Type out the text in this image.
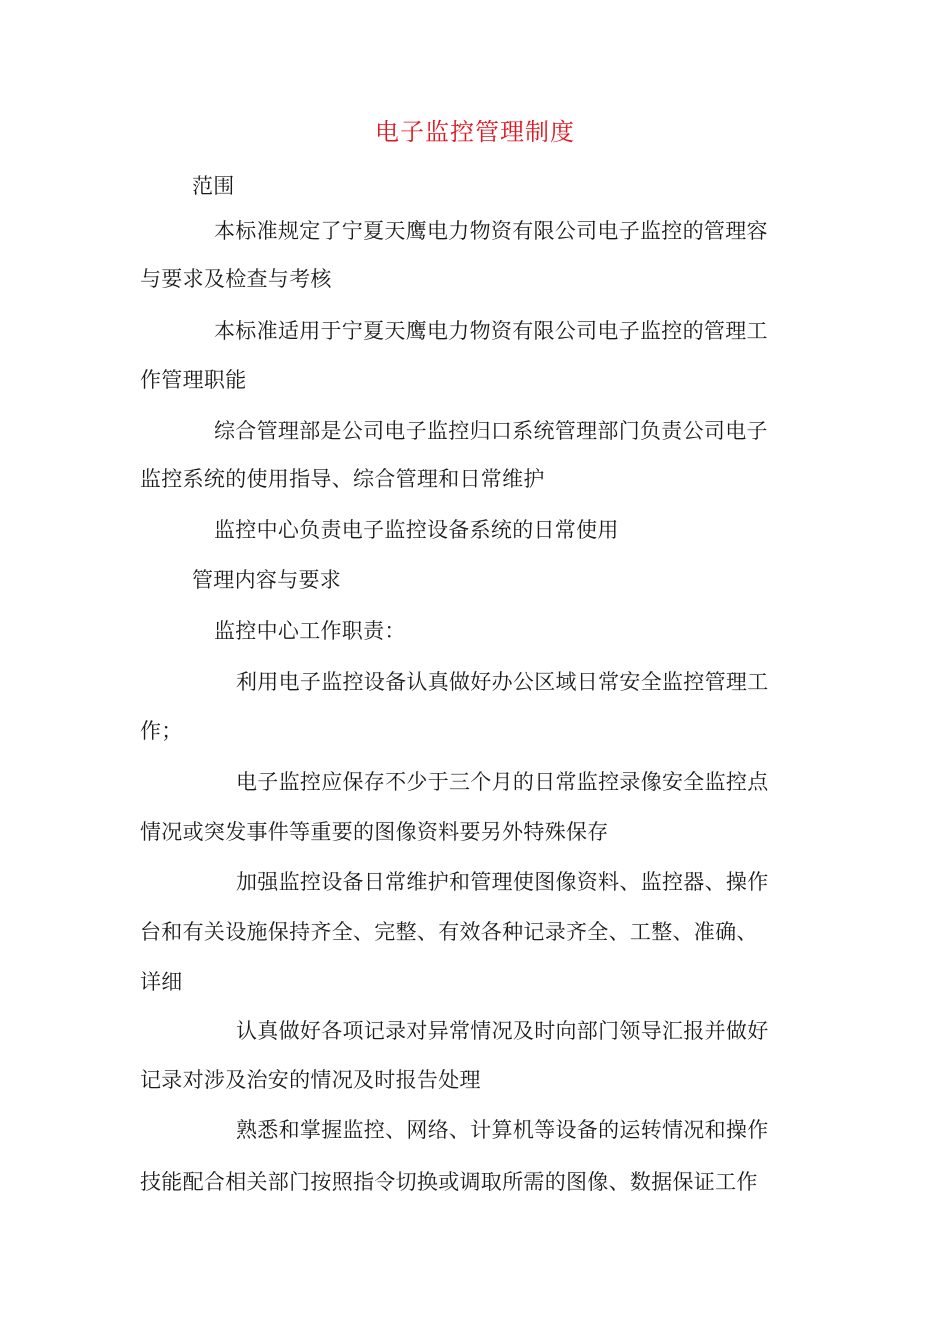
电子监控管理制度
范围
本标准规定了宁夏天鹰电力物资有限公司电子监控的管理容
与要求及检查与考核
本标准适用于宁夏天鹰电力物资有限公司电子监控的管理工
作管理职能
综合管理部是公司电子监控归口系统管理部门负责公司电子
监控系统的使用指导、综合管理和日常维护
监控中心负责电子监控设备系统的日常使用
管理内容与要求
监控中心工作职责：
利用电子监控设备认真做好办公区域日常安全监控管理工
作；
电子监控应保存不少于三个月的日常监控录像安全监控点
情况或突发事件等重要的图像资料要另外特殊保存
加强监控设备日常维护和管理使图像资料、监控器、操作
台和有关设施保持齐全、完整、有效各种记录齐全、工整、准确、
详细
认真做好各项记录对异常情况及时向部门领导汇报并做好
记录对涉及治安的情况及时报告处理
熟悉和掌握监控、网络、计算机等设备的运转情况和操作
技能配合相关部门按照指令切换或调取所需的图像、数据保证工作
